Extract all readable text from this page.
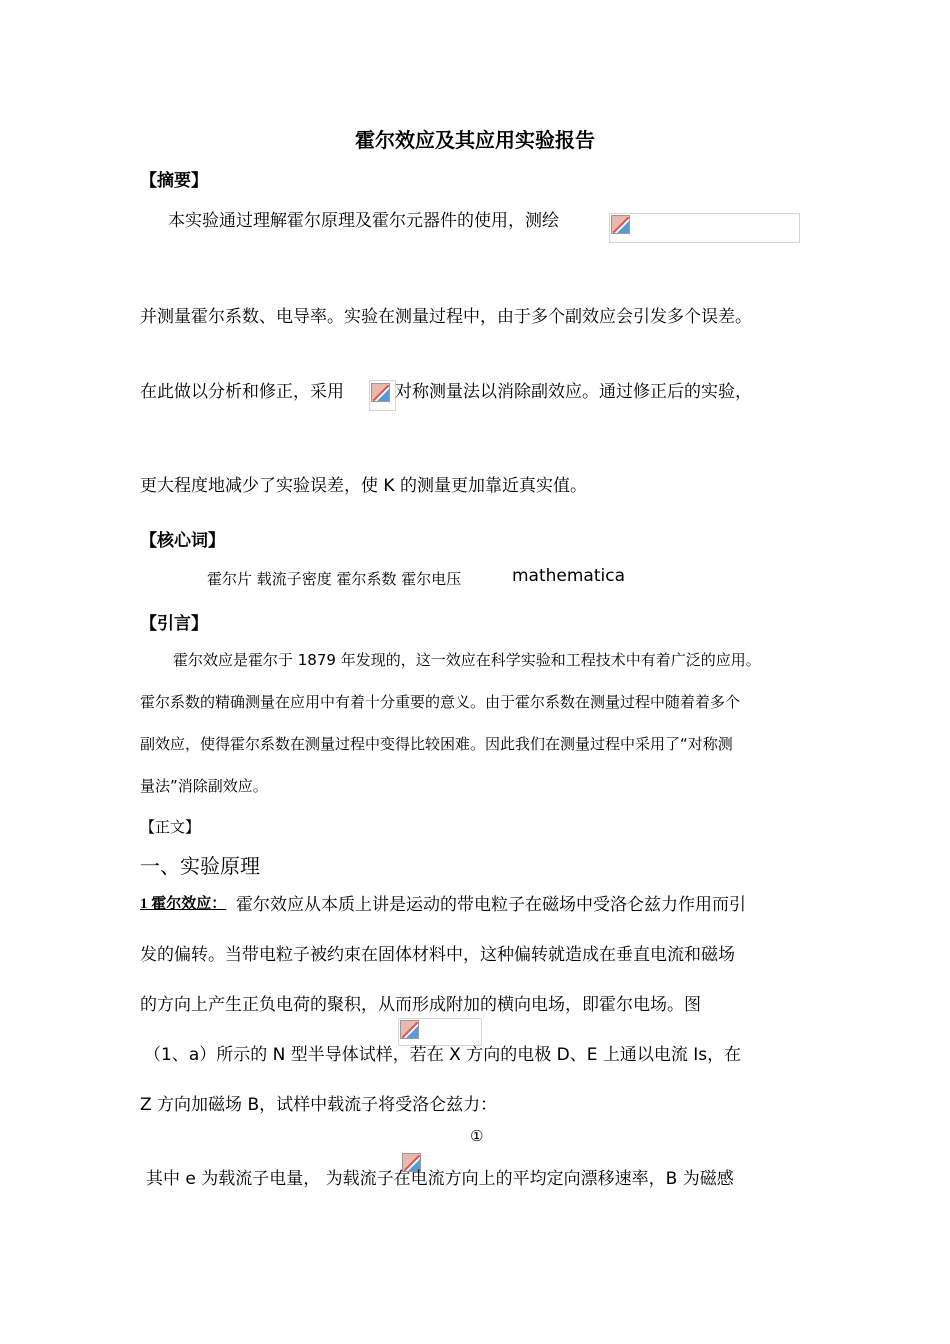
霍尔效应及其应用实验报告
【摘要】
本实验通过理解霍尔原理及霍尔元器件的使用，测绘
并测量霍尔系数、电导率。实验在测量过程中，由于多个副效应会引发多个误差。
在此做以分析和修正，采用	对称测量法以消除副效应。通过修正后的实验，
更大程度地减少了实验误差，使 K 的测量更加靠近真实值。
【核心词】
霍尔片 载流子密度 霍尔系数 霍尔电压	mathematica
【引言】
霍尔效应是霍尔于 1879 年发现的，这一效应在科学实验和工程技术中有着广泛的应用。
霍尔系数的精确测量在应用中有着十分重要的意义。由于霍尔系数在测量过程中随着着多个
副效应，使得霍尔系数在测量过程中变得比较困难。因此我们在测量过程中采用了“对称测
量法”消除副效应。
【正文】
一、实验原理
1 霍尔效应： 霍尔效应从本质上讲是运动的带电粒子在磁场中受洛仑兹力作用而引
发的偏转。当带电粒子被约束在固体材料中，这种偏转就造成在垂直电流和磁场
的方向上产生正负电荷的聚积，从而形成附加的横向电场，即霍尔电场。图
（1、a）所示的 N 型半导体试样，若在 X 方向的电极 D、E 上通以电流 Is，在
Z 方向加磁场 B，试样中载流子将受洛仑兹力：
①
其中 e 为载流子电量， 为载流子在电流方向上的平均定向漂移速率，B 为磁感
